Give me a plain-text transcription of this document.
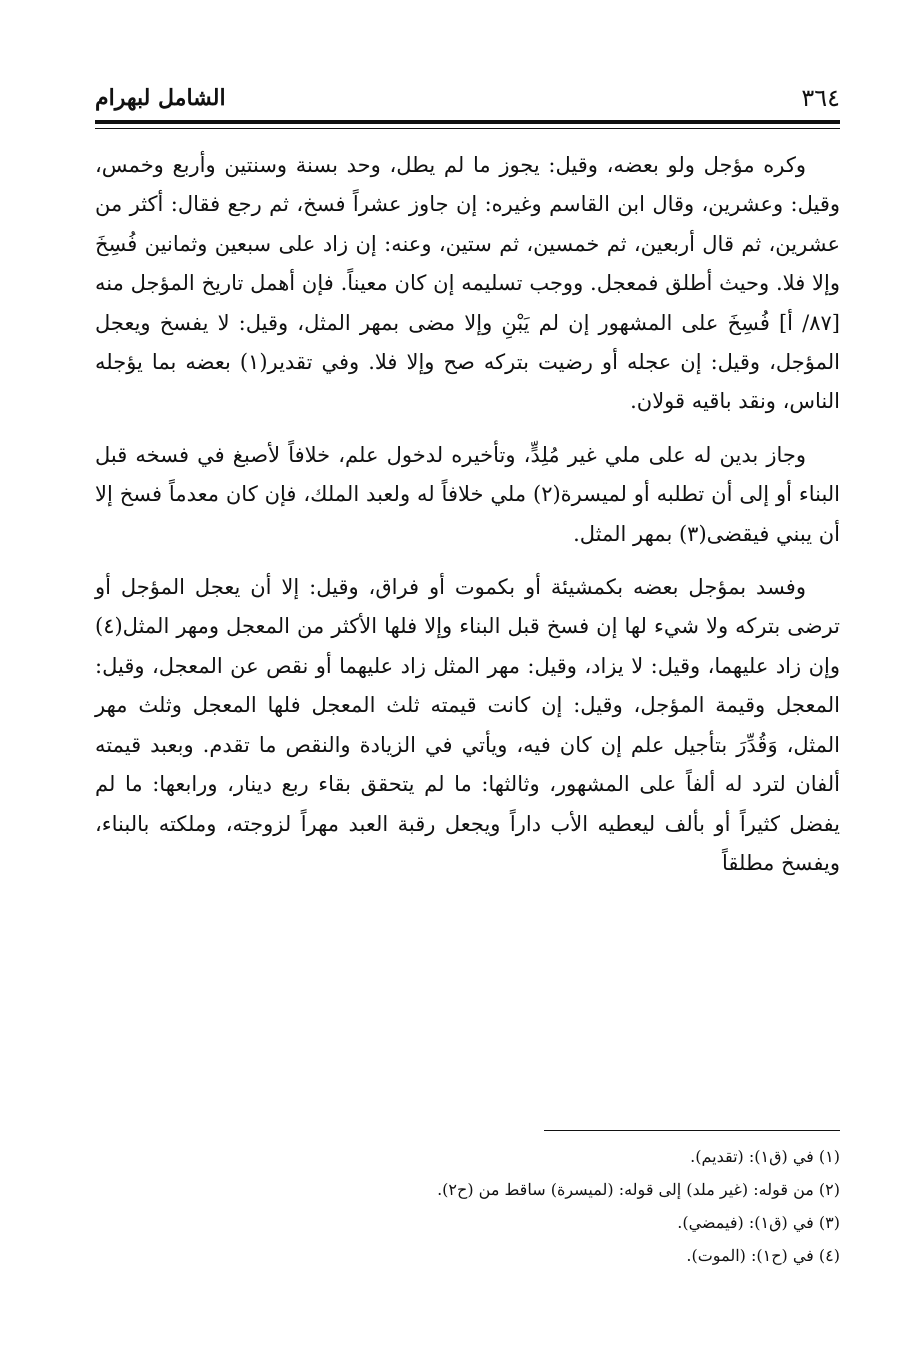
٣٦٤
الشامل لبهرام

وكره مؤجل ولو بعضه، وقيل: يجوز ما لم يطل، وحد بسنة وسنتين وأربع وخمس، وقيل: وعشرين، وقال ابن القاسم وغيره: إن جاوز عشراً فسخ، ثم رجع فقال: أكثر من عشرين، ثم قال أربعين، ثم خمسين، ثم ستين، وعنه: إن زاد على سبعين وثمانين فُسِخَ وإلا فلا. وحيث أطلق فمعجل. ووجب تسليمه إن كان معيناً. فإن أهمل تاريخ المؤجل منه [٨٧/ أ] فُسِخَ على المشهور إن لم يَبْنِ وإلا مضى بمهر المثل، وقيل: لا يفسخ ويعجل المؤجل، وقيل: إن عجله أو رضيت بتركه صح وإلا فلا. وفي تقدير(١) بعضه بما يؤجله الناس، ونقد باقيه قولان.

وجاز بدين له على ملي غير مُلِدٍّ، وتأخيره لدخول علم، خلافاً لأصبغ في فسخه قبل البناء أو إلى أن تطلبه أو لميسرة(٢) ملي خلافاً له ولعبد الملك، فإن كان معدماً فسخ إلا أن يبني فيقضى(٣) بمهر المثل.

وفسد بمؤجل بعضه بكمشيئة أو بكموت أو فراق، وقيل: إلا أن يعجل المؤجل أو ترضى بتركه ولا شيء لها إن فسخ قبل البناء وإلا فلها الأكثر من المعجل ومهر المثل(٤) وإن زاد عليهما، وقيل: لا يزاد، وقيل: مهر المثل زاد عليهما أو نقص عن المعجل، وقيل: المعجل وقيمة المؤجل، وقيل: إن كانت قيمته ثلث المعجل فلها المعجل وثلث مهر المثل، وَقُدِّرَ بتأجيل علم إن كان فيه، ويأتي في الزيادة والنقص ما تقدم. وبعبد قيمته ألفان لترد له ألفاً على المشهور، وثالثها: ما لم يتحقق بقاء ربع دينار، ورابعها: ما لم يفضل كثيراً أو بألف ليعطيه الأب داراً ويجعل رقبة العبد مهراً لزوجته، وملكته بالبناء، ويفسخ مطلقاً

(١) في (ق١): (تقديم).

(٢) من قوله: (غير ملد) إلى قوله: (لميسرة) ساقط من (ح٢).

(٣) في (ق١): (فيمضي).

(٤) في (ح١): (الموت).
